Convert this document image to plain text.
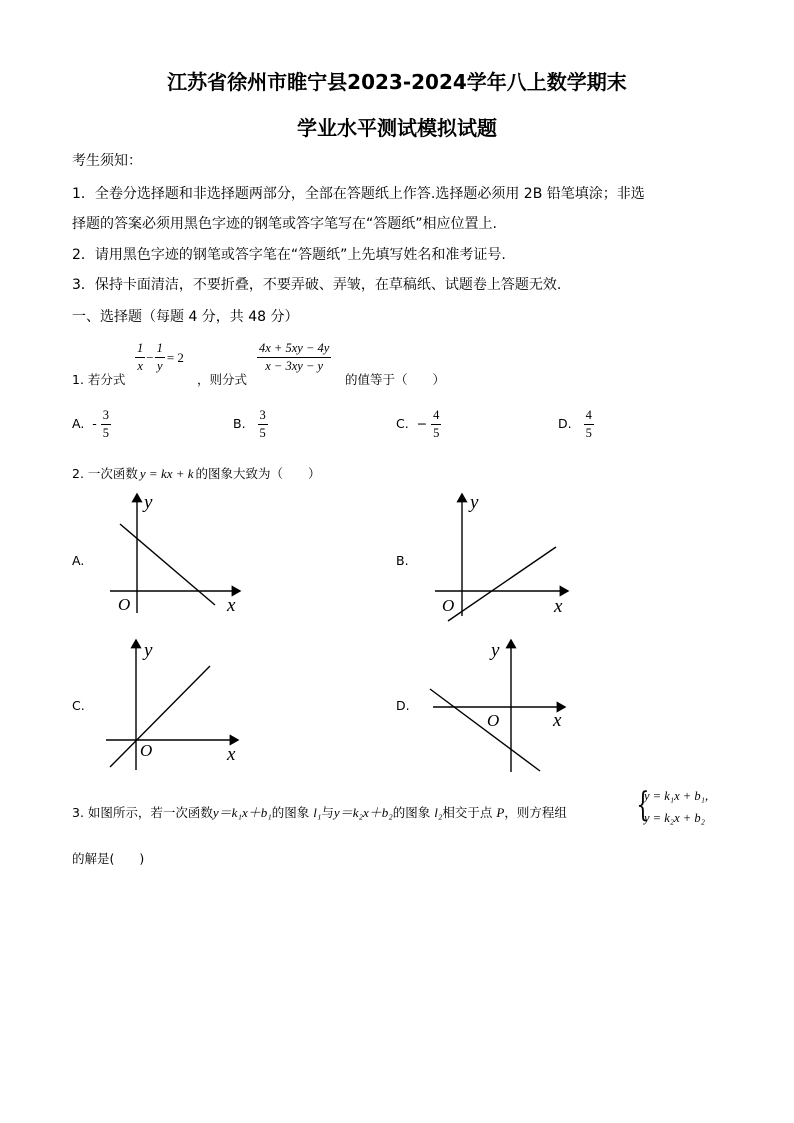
江苏省徐州市睢宁县2023-2024学年八上数学期末
学业水平测试模拟试题
考生须知：
1．全卷分选择题和非选择题两部分，全部在答题纸上作答.选择题必须用 2B 铅笔填涂；非选
择题的答案必须用黑色字迹的钢笔或答字笔写在“答题纸”相应位置上.
2．请用黑色字迹的钢笔或答字笔在“答题纸”上先填写姓名和准考证号.
3．保持卡面清洁，不要折叠，不要弄破、弄皱，在草稿纸、试题卷上答题无效.
一、选择题（每题 4 分，共 48 分）
$\frac{1}{x} - \frac{1}{y} = 2$	$\frac{4x + 5xy - 4y}{x - 3xy - y}$
1. 若分式	，则分式	的值等于（　　）
A. - $\frac{3}{5}$	B. $\frac{3}{5}$	C. − $\frac{4}{5}$	D. $\frac{4}{5}$
2. 一次函数 y = kx + k 的图象大致为（　　）
A.
y
x
O
B.
y
x
O
C.
y
x
O
D.
y
x
O
3. 如图所示，若一次函数y＝k₁x＋b₁的图象 l₁与y＝k₂x＋b₂的图象 l₂相交于点 P，则方程组 {
y = k₁x + b₁,
y = k₂x + b₂
的解是(　　)
